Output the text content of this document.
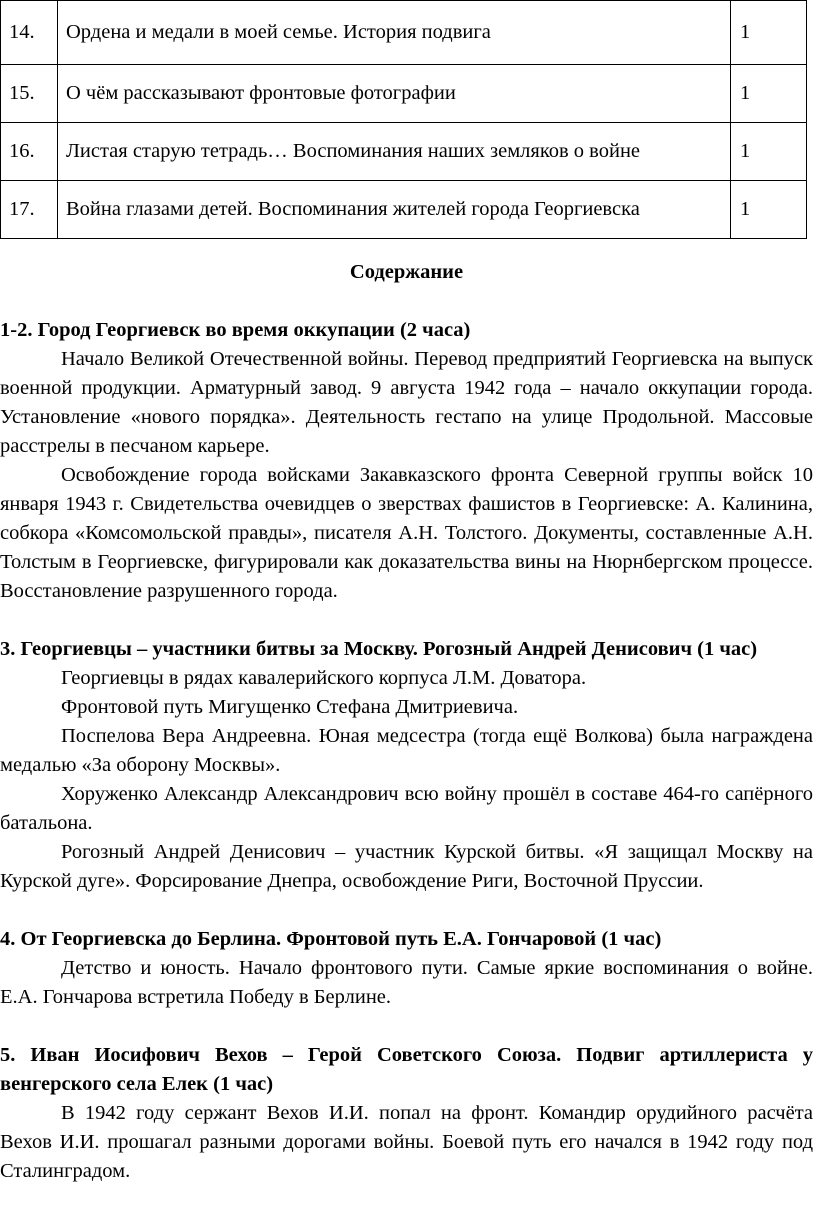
14.	Ордена и медали в моей семье. История подвига	1
15.	О чём рассказывают фронтовые фотографии	1
16.	Листая старую тетрадь… Воспоминания наших земляков о войне	1
17.	Война глазами детей. Воспоминания жителей города Георгиевска	1
Содержание
1-2. Город Георгиевск во время оккупации (2 часа)

Начало Великой Отечественной войны. Перевод предприятий Георгиевска на выпуск военной продукции. Арматурный завод. 9 августа 1942 года – начало оккупации города. Установление «нового порядка». Деятельность гестапо на улице Продольной. Массовые расстрелы в песчаном карьере.

Освобождение города войсками Закавказского фронта Северной группы войск 10 января 1943 г. Свидетельства очевидцев о зверствах фашистов в Георгиевске: А. Калинина, собкора «Комсомольской правды», писателя А.Н. Толстого. Документы, составленные А.Н. Толстым в Георгиевске, фигурировали как доказательства вины на Нюрнбергском процессе. Восстановление разрушенного города.

3. Георгиевцы – участники битвы за Москву. Рогозный Андрей Денисович (1 час)

Георгиевцы в рядах кавалерийского корпуса Л.М. Доватора.

Фронтовой путь Мигущенко Стефана Дмитриевича.

Поспелова Вера Андреевна. Юная медсестра (тогда ещё Волкова) была награждена медалью «За оборону Москвы».

Хоруженко Александр Александрович всю войну прошёл в составе 464-го сапёрного батальона.

Рогозный Андрей Денисович – участник Курской битвы. «Я защищал Москву на Курской дуге». Форсирование Днепра, освобождение Риги, Восточной Пруссии.

4. От Георгиевска до Берлина. Фронтовой путь Е.А. Гончаровой (1 час)

Детство и юность. Начало фронтового пути. Самые яркие воспоминания о войне. Е.А. Гончарова встретила Победу в Берлине.

5. Иван Иосифович Вехов – Герой Советского Союза. Подвиг артиллериста у венгерского села Елек (1 час)

В 1942 году сержант Вехов И.И. попал на фронт. Командир орудийного расчёта Вехов И.И. прошагал разными дорогами войны. Боевой путь его начался в 1942 году под Сталинградом.
